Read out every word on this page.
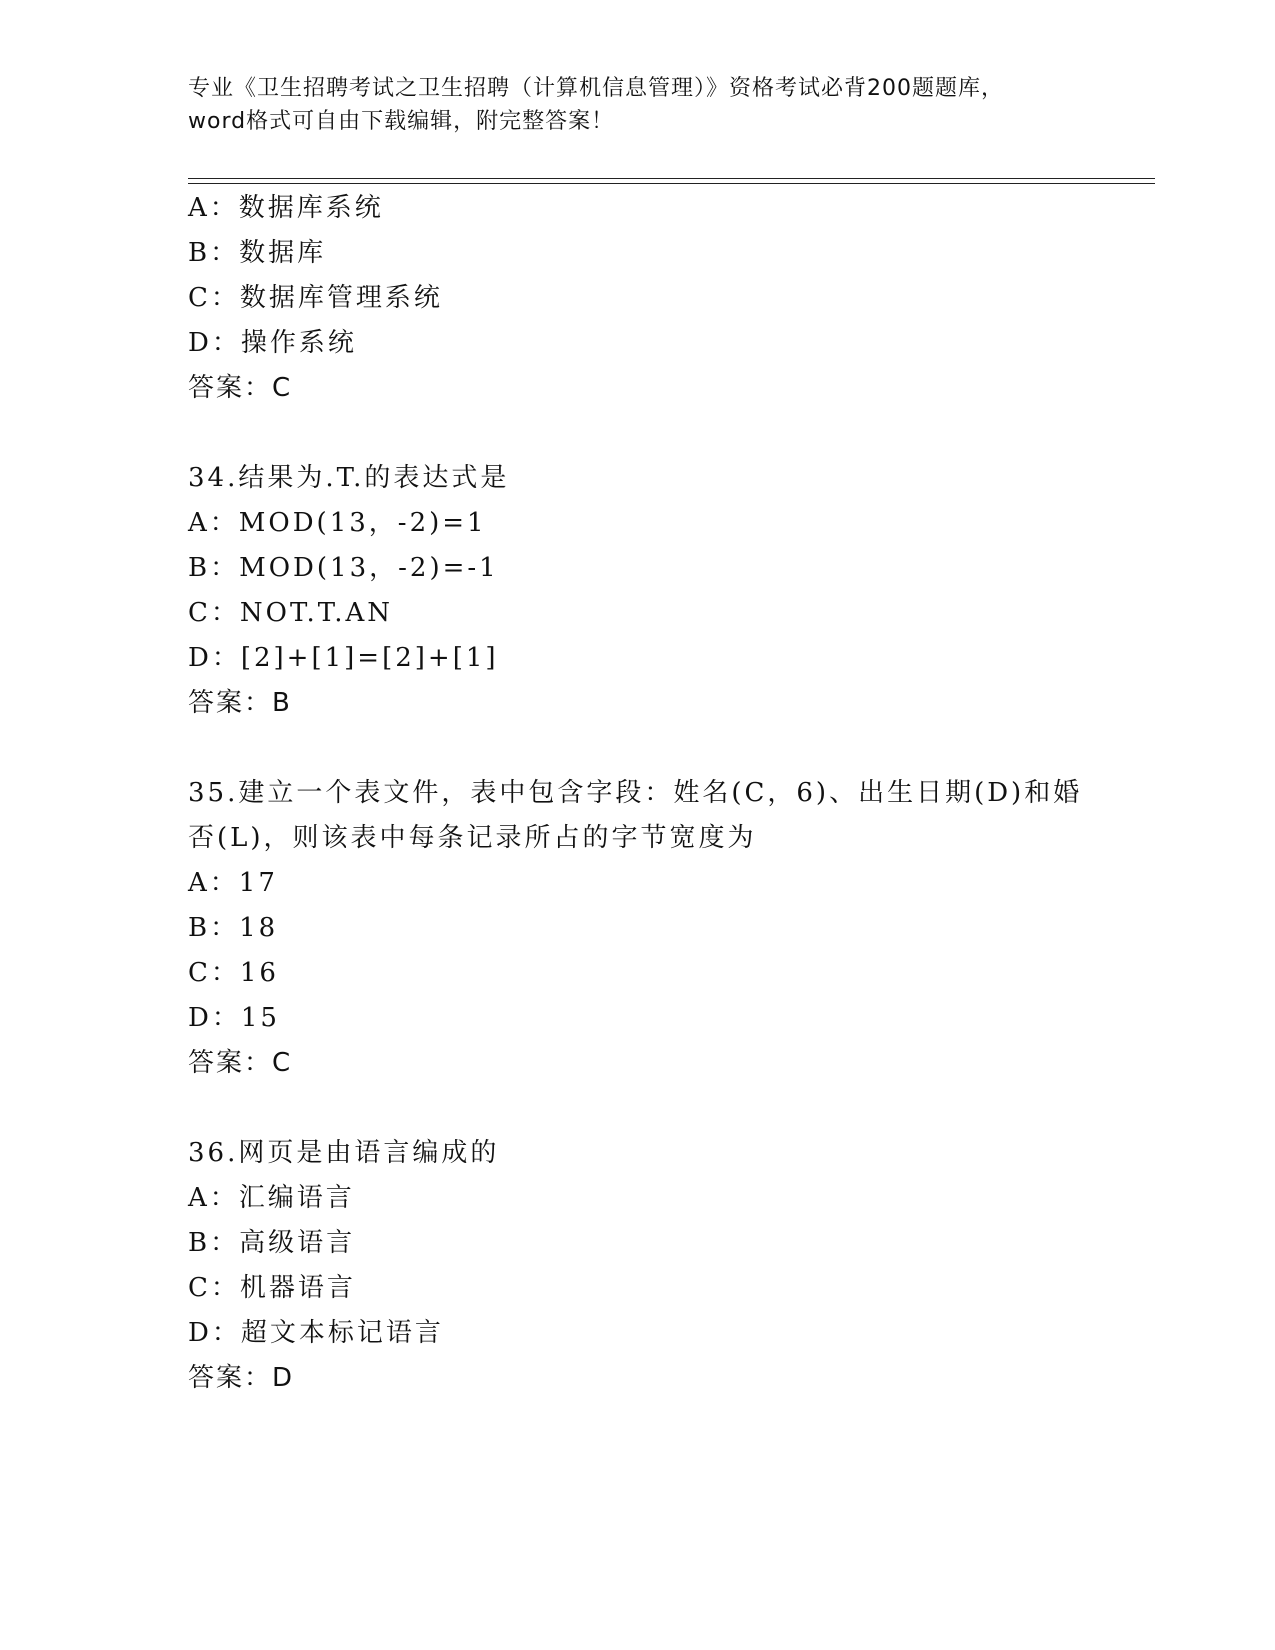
专业《卫生招聘考试之卫生招聘（计算机信息管理）》资格考试必背200题题库，
word格式可自由下载编辑，附完整答案！
A：数据库系统
B：数据库
C：数据库管理系统
D：操作系统
答案：C
34.结果为.T.的表达式是
A：MOD(13，-2)=1
B：MOD(13，-2)=-1
C：NOT.T.AN
D：[2]+[1]=[2]+[1]
答案：B
35.建立一个表文件，表中包含字段：姓名(C，6)、出生日期(D)和婚
否(L)，则该表中每条记录所占的字节宽度为
A：17
B：18
C：16
D：15
答案：C
36.网页是由语言编成的
A：汇编语言
B：高级语言
C：机器语言
D：超文本标记语言
答案：D
